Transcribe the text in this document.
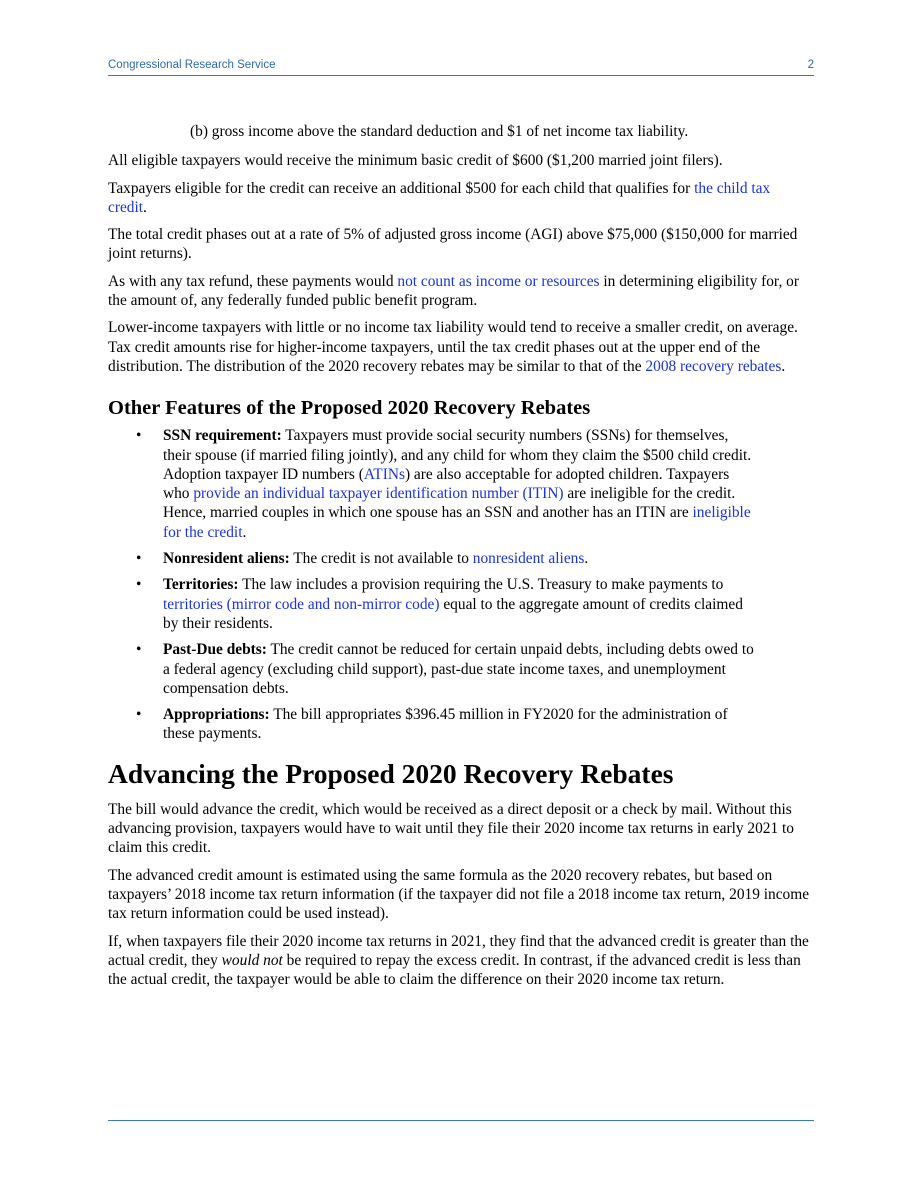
Congressional Research Service	2

(b) gross income above the standard deduction and $1 of net income tax liability.

All eligible taxpayers would receive the minimum basic credit of $600 ($1,200 married joint filers).

Taxpayers eligible for the credit can receive an additional $500 for each child that qualifies for the child tax credit.

The total credit phases out at a rate of 5% of adjusted gross income (AGI) above $75,000 ($150,000 for married joint returns).

As with any tax refund, these payments would not count as income or resources in determining eligibility for, or the amount of, any federally funded public benefit program.

Lower-income taxpayers with little or no income tax liability would tend to receive a smaller credit, on average. Tax credit amounts rise for higher-income taxpayers, until the tax credit phases out at the upper end of the distribution. The distribution of the 2020 recovery rebates may be similar to that of the 2008 recovery rebates.

Other Features of the Proposed 2020 Recovery Rebates
• SSN requirement: Taxpayers must provide social security numbers (SSNs) for themselves, their spouse (if married filing jointly), and any child for whom they claim the $500 child credit. Adoption taxpayer ID numbers (ATINs) are also acceptable for adopted children. Taxpayers who provide an individual taxpayer identification number (ITIN) are ineligible for the credit. Hence, married couples in which one spouse has an SSN and another has an ITIN are ineligible for the credit.
• Nonresident aliens: The credit is not available to nonresident aliens.
• Territories: The law includes a provision requiring the U.S. Treasury to make payments to territories (mirror code and non-mirror code) equal to the aggregate amount of credits claimed by their residents.
• Past-Due debts: The credit cannot be reduced for certain unpaid debts, including debts owed to a federal agency (excluding child support), past-due state income taxes, and unemployment compensation debts.
• Appropriations: The bill appropriates $396.45 million in FY2020 for the administration of these payments.
Advancing the Proposed 2020 Recovery Rebates

The bill would advance the credit, which would be received as a direct deposit or a check by mail. Without this advancing provision, taxpayers would have to wait until they file their 2020 income tax returns in early 2021 to claim this credit.

The advanced credit amount is estimated using the same formula as the 2020 recovery rebates, but based on taxpayers’ 2018 income tax return information (if the taxpayer did not file a 2018 income tax return, 2019 income tax return information could be used instead).

If, when taxpayers file their 2020 income tax returns in 2021, they find that the advanced credit is greater than the actual credit, they would not be required to repay the excess credit. In contrast, if the advanced credit is less than the actual credit, the taxpayer would be able to claim the difference on their 2020 income tax return.
